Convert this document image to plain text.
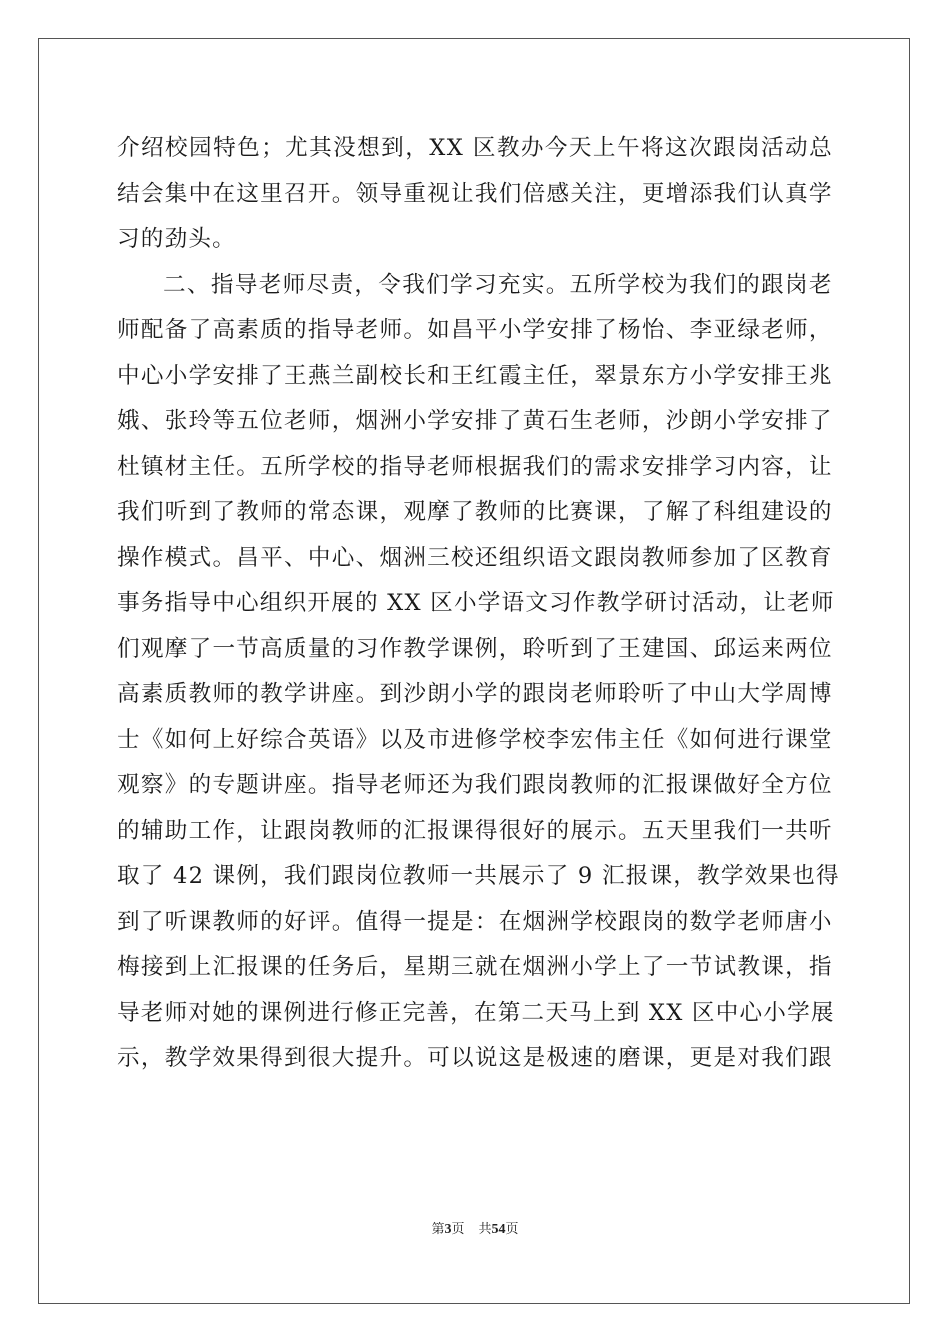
介 绍 校 园 特 色 ； 尤 其 没 想 到 ， X X
区 教 办 今 天 上 午 将 这 次 跟 岗 活 动 总
结 会 集 中 在 这 里 召 开 。 领 导 重 视 让 我 们 倍 感 关 注 ， 更 增 添 我 们 认 真 学
习的劲头。
二 、 指 导 老 师 尽 责 ， 令 我 们 学 习 充 实 。 五 所 学 校 为 我 们 的 跟 岗 老
师 配 备 了 高 素 质 的 指 导 老 师 。 如 昌 平 小 学 安 排 了 杨 怡 、 李 亚 绿 老 师 ，
中 心 小 学 安 排 了 王 燕 兰 副 校 长 和 王 红 霞 主 任 ， 翠 景 东 方 小 学 安 排 王 兆
娥 、 张 玲 等 五 位 老 师 ， 烟 洲 小 学 安 排 了 黄 石 生 老 师 ， 沙 朗 小 学 安 排 了
杜 镇 材 主 任 。 五 所 学 校 的 指 导 老 师 根 据 我 们 的 需 求 安 排 学 习 内 容 ， 让
我 们 听 到 了 教 师 的 常 态 课 ， 观 摩 了 教 师 的 比 赛 课 ， 了 解 了 科 组 建 设 的
操 作 模 式 。 昌 平 、 中 心 、 烟 洲 三 校 还 组 织 语 文 跟 岗 教 师 参 加 了 区 教 育
事 务 指 导 中 心 组 织 开 展 的
X X
区 小 学 语 文 习 作 教 学 研 讨 活 动 ， 让 老 师
们 观 摩 了 一 节 高 质 量 的 习 作 教 学 课 例 ， 聆 听 到 了 王 建 国 、 邱 运 来 两 位
高 素 质 教 师 的 教 学 讲 座 。 到 沙 朗 小 学 的 跟 岗 老 师 聆 听 了 中 山 大 学 周 博
士 《 如 何 上 好 综 合 英 语 》 以 及 市 进 修 学 校 李 宏 伟 主 任 《 如 何 进 行 课 堂
观 察 》 的 专 题 讲 座 。 指 导 老 师 还 为 我 们 跟 岗 教 师 的 汇 报 课 做 好 全 方 位
的 辅 助 工 作 ， 让 跟 岗 教 师 的 汇 报 课 得 很 好 的 展 示 。 五 天 里 我 们 一 共 听
取 了
4 2
课 例 ， 我 们 跟 岗 位 教 师 一 共 展 示 了
9
汇 报 课 ， 教 学 效 果 也 得
到 了 听 课 教 师 的 好 评 。 值 得 一 提 是 ： 在 烟 洲 学 校 跟 岗 的 数 学 老 师 唐 小
梅 接 到 上 汇 报 课 的 任 务 后 ， 星 期 三 就 在 烟 洲 小 学 上 了 一 节 试 教 课 ， 指
导 老 师 对 她 的 课 例 进 行 修 正 完 善 ， 在 第 二 天 马 上 到
X X
区 中 心 小 学 展
示 ， 教 学 效 果 得 到 很 大 提 升 。 可 以 说 这 是 极 速 的 磨 课 ， 更 是 对 我 们 跟
第3页 共54页
